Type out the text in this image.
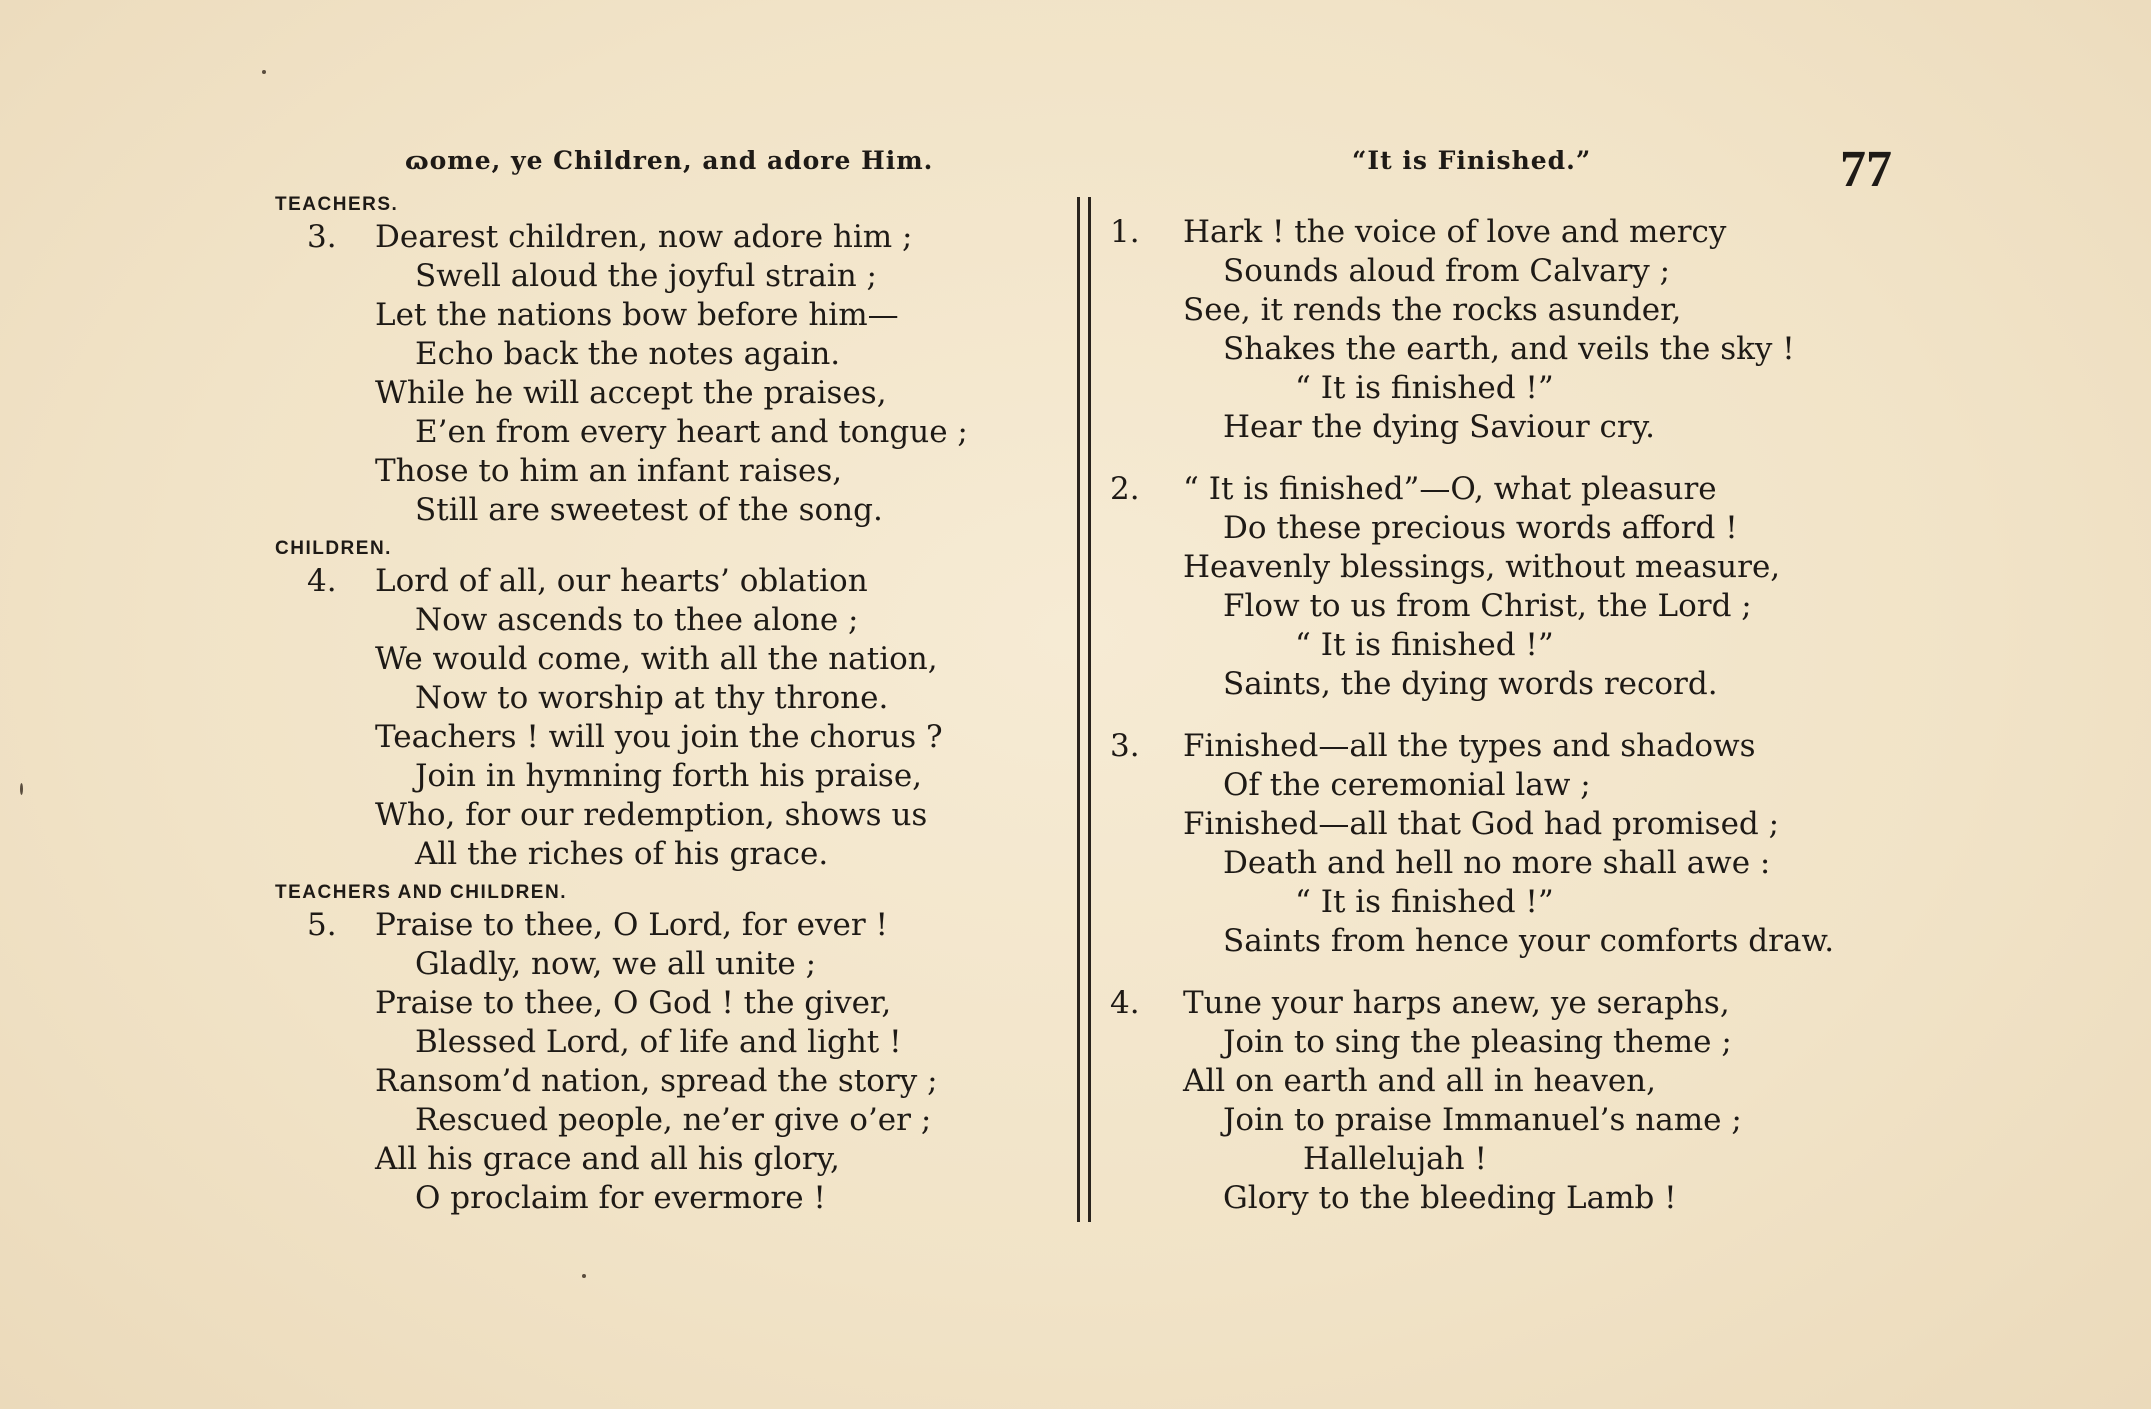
ɷome, ye Children, and adore Him.	“It is Finished.”	77
TEACHERS.
3.	Dearest children, now adore him ;
Swell aloud the joyful strain ;
Let the nations bow before him—
Echo back the notes again.
While he will accept the praises,
E’en from every heart and tongue ;
Those to him an infant raises,
Still are sweetest of the song.
CHILDREN.
4.	Lord of all, our hearts’ oblation
Now ascends to thee alone ;
We would come, with all the nation,
Now to worship at thy throne.
Teachers ! will you join the chorus ?
Join in hymning forth his praise,
Who, for our redemption, shows us
All the riches of his grace.
TEACHERS AND CHILDREN.
5.	Praise to thee, O Lord, for ever !
Gladly, now, we all unite ;
Praise to thee, O God ! the giver,
Blessed Lord, of life and light !
Ransom’d nation, spread the story ;
Rescued people, ne’er give o’er ;
All his grace and all his glory,
O proclaim for evermore !
1.	Hark ! the voice of love and mercy
Sounds aloud from Calvary ;
See, it rends the rocks asunder,
Shakes the earth, and veils the sky !
“ It is finished !”
Hear the dying Saviour cry.
2.	“ It is finished”—O, what pleasure
Do these precious words afford !
Heavenly blessings, without measure,
Flow to us from Christ, the Lord ;
“ It is finished !”
Saints, the dying words record.
3.	Finished—all the types and shadows
Of the ceremonial law ;
Finished—all that God had promised ;
Death and hell no more shall awe :
“ It is finished !”
Saints from hence your comforts draw.
4.	Tune your harps anew, ye seraphs,
Join to sing the pleasing theme ;
All on earth and all in heaven,
Join to praise Immanuel’s name ;
Hallelujah !
Glory to the bleeding Lamb !
